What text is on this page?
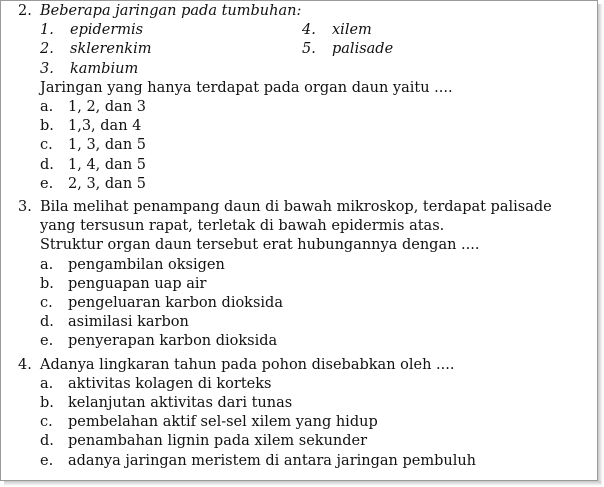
2. Beberapa jaringan pada tumbuhan:
1.	epidermis
2.	sklerenkim
3.	kambium
4.	xilem
5.	palisade
Jaringan yang hanya terdapat pada organ daun yaitu ....
a.	1, 2, dan 3
b. 1,3, dan 4
c.	1, 3, dan 5
d. 1, 4, dan 5
e.	2, 3, dan 5
3. Bila melihat penampang daun di bawah mikroskop, terdapat palisade
yang tersusun rapat, terletak di bawah epidermis atas.
Struktur organ daun tersebut erat hubungannya dengan ....
a.	pengambilan oksigen
b. penguapan uap air
c.	pengeluaran karbon dioksida
d. asimilasi karbon
e.	penyerapan karbon dioksida
4. Adanya lingkaran tahun pada pohon disebabkan oleh ....
a.	aktivitas kolagen di korteks
b. kelanjutan aktivitas dari tunas
c.	pembelahan aktif sel-sel xilem yang hidup
d. penambahan lignin pada xilem sekunder
e.	adanya jaringan meristem di antara jaringan pembuluh
